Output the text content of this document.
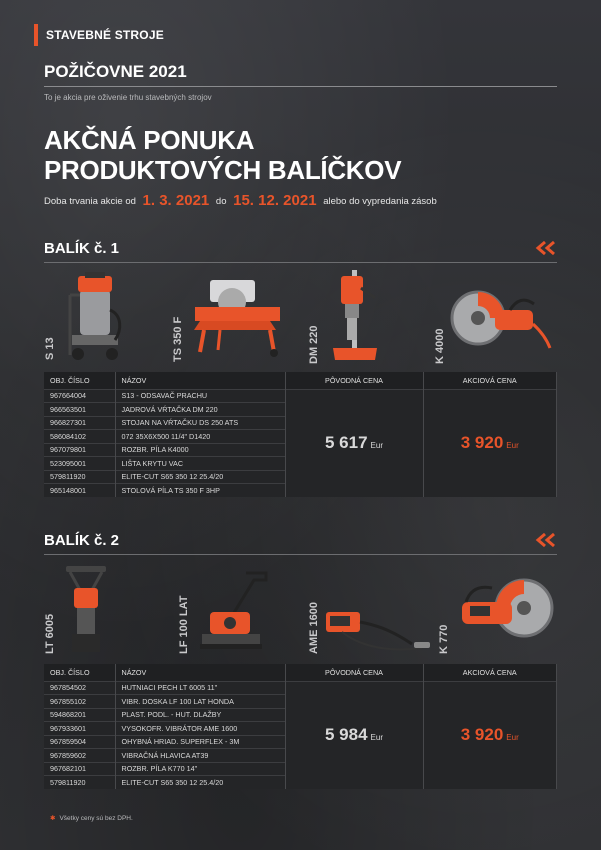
STAVEBNÉ STROJE
POŽIČOVNE 2021
To je akcia pre oživenie trhu stavebných strojov
AKČNÁ PONUKA
PRODUKTOVÝCH BALÍČKOV
Doba trvania akcie od 1. 3. 2021 do 15. 12. 2021 alebo do vypredania zásob
BALÍK č. 1
S 13	TS 350 F	DM 220	K 4000
OBJ. ČÍSLO	NÁZOV	PÔVODNÁ CENA	AKCIOVÁ CENA
967664004	S13 - ODSAVAČ PRACHU	5 617 Eur	3 920 Eur
966563501	JADROVÁ VŔTAČKA DM 220		
966827301	STOJAN NA VŔTAČKU DS 250 ATS		
586084102	072 35X6X500 11/4" D1420		
967079801	ROZBR. PÍLA K4000		
523095001	LIŠTA KRYTU VAC		
579811920	ELITE-CUT S65 350 12 25.4/20		
965148001	STOLOVÁ PÍLA TS 350 F 3HP		
BALÍK č. 2
LT 6005	LF 100 LAT	AME 1600	K 770
OBJ. ČÍSLO	NÁZOV	PÔVODNÁ CENA	AKCIOVÁ CENA
967854502	HUTNIACI PECH LT 6005 11"	5 984 Eur	3 920 Eur
967855102	VIBR. DOSKA LF 100 LAT HONDA		
594868201	PLAST. PODL. - HUT. DLAŽBY		
967933601	VYSOKOFR. VIBRÁTOR AME 1600		
967859504	OHYBNÁ HRIAD. SUPERFLEX - 3M		
967859602	VIBRAČNÁ HLAVICA AT39		
967682101	ROZBR. PÍLA K770 14"		
579811920	ELITE-CUT S65 350 12 25.4/20		
✱ Všetky ceny sú bez DPH.
